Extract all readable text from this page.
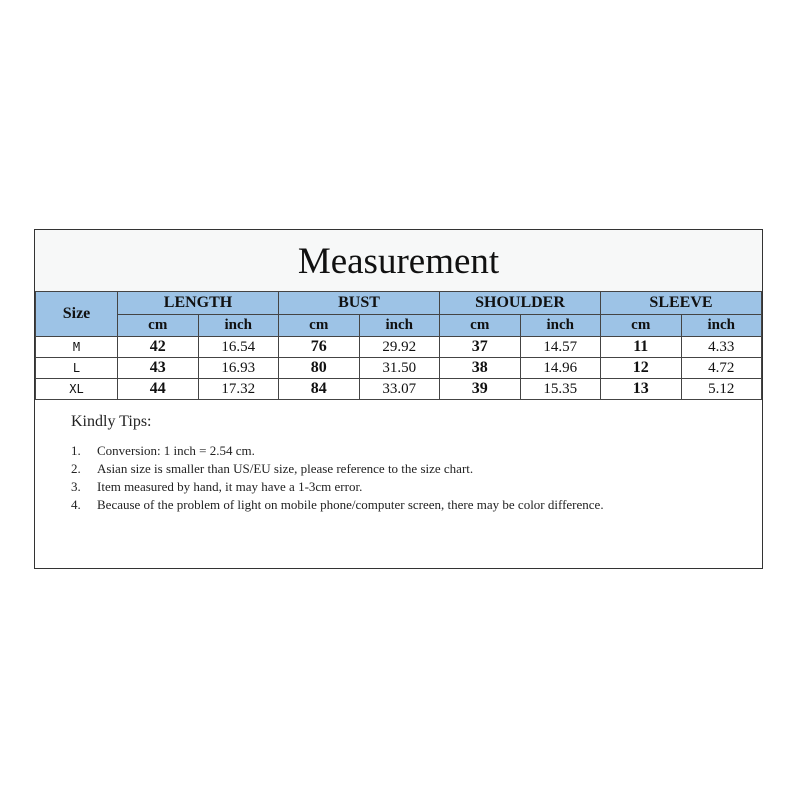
Measurement
Size	LENGTH		BUST		SHOULDER		SLEEVE	
	cm	inch	cm	inch	cm	inch	cm	inch
M	42	16.54	76	29.92	37	14.57	11	4.33
L	43	16.93	80	31.50	38	14.96	12	4.72
XL	44	17.32	84	33.07	39	15.35	13	5.12
Kindly Tips:
1.	Conversion: 1 inch = 2.54 cm.
2.	Asian size is smaller than US/EU size, please reference to the size chart.
3.	Item measured by hand, it may have a 1-3cm error.
4.	Because of the problem of light on mobile phone/computer screen, there may be color difference.
